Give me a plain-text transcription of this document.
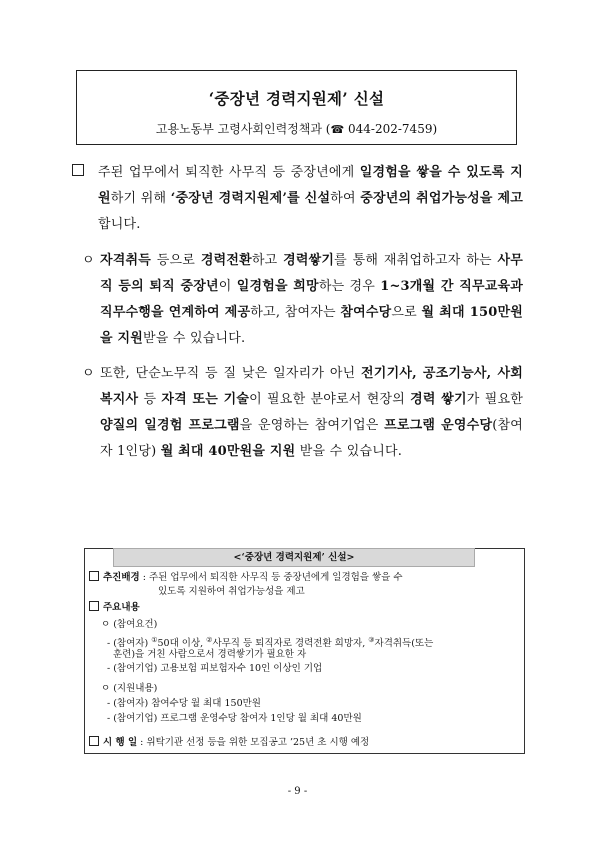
‘중장년 경력지원제’ 신설
고용노동부 고령사회인력정책과 (☎ 044-202-7459)
주된 업무에서 퇴직한 사무직 등 중장년에게 일경험을 쌓을 수 있도록 지원하기 위해 ‘중장년 경력지원제’를 신설하여 중장년의 취업가능성을 제고합니다.
ㅇ 자격취득 등으로 경력전환하고 경력쌓기를 통해 재취업하고자 하는 사무직 등의 퇴직 중장년이 일경험을 희망하는 경우 1~3개월 간 직무교육과 직무수행을 연계하여 제공하고, 참여자는 참여수당으로 월 최대 150만원을 지원받을 수 있습니다.
ㅇ 또한, 단순노무직 등 질 낮은 일자리가 아닌 전기기사, 공조기능사, 사회복지사 등 자격 또는 기술이 필요한 분야로서 현장의 경력 쌓기가 필요한 양질의 일경험 프로그램을 운영하는 참여기업은 프로그램 운영수당(참여자 1인당) 월 최대 40만원을 지원 받을 수 있습니다.
<‘중장년 경력지원제’ 신설>
추진배경 : 주된 업무에서 퇴직한 사무직 등 중장년에게 일경험을 쌓을 수
있도록 지원하여 취업가능성을 제고
주요내용
ㅇ (참여요건)
- (참여자) ①50대 이상, ②사무직 등 퇴직자로 경력전환 희망자, ③자격취득(또는
훈련)을 거친 사람으로서 경력쌓기가 필요한 자
- (참여기업) 고용보험 피보험자수 10인 이상인 기업
ㅇ (지원내용)
- (참여자) 참여수당 월 최대 150만원
- (참여기업) 프로그램 운영수당 참여자 1인당 월 최대 40만원
시 행 일 : 위탁기관 선정 등을 위한 모집공고 ’25년 초 시행 예정
- 9 -
